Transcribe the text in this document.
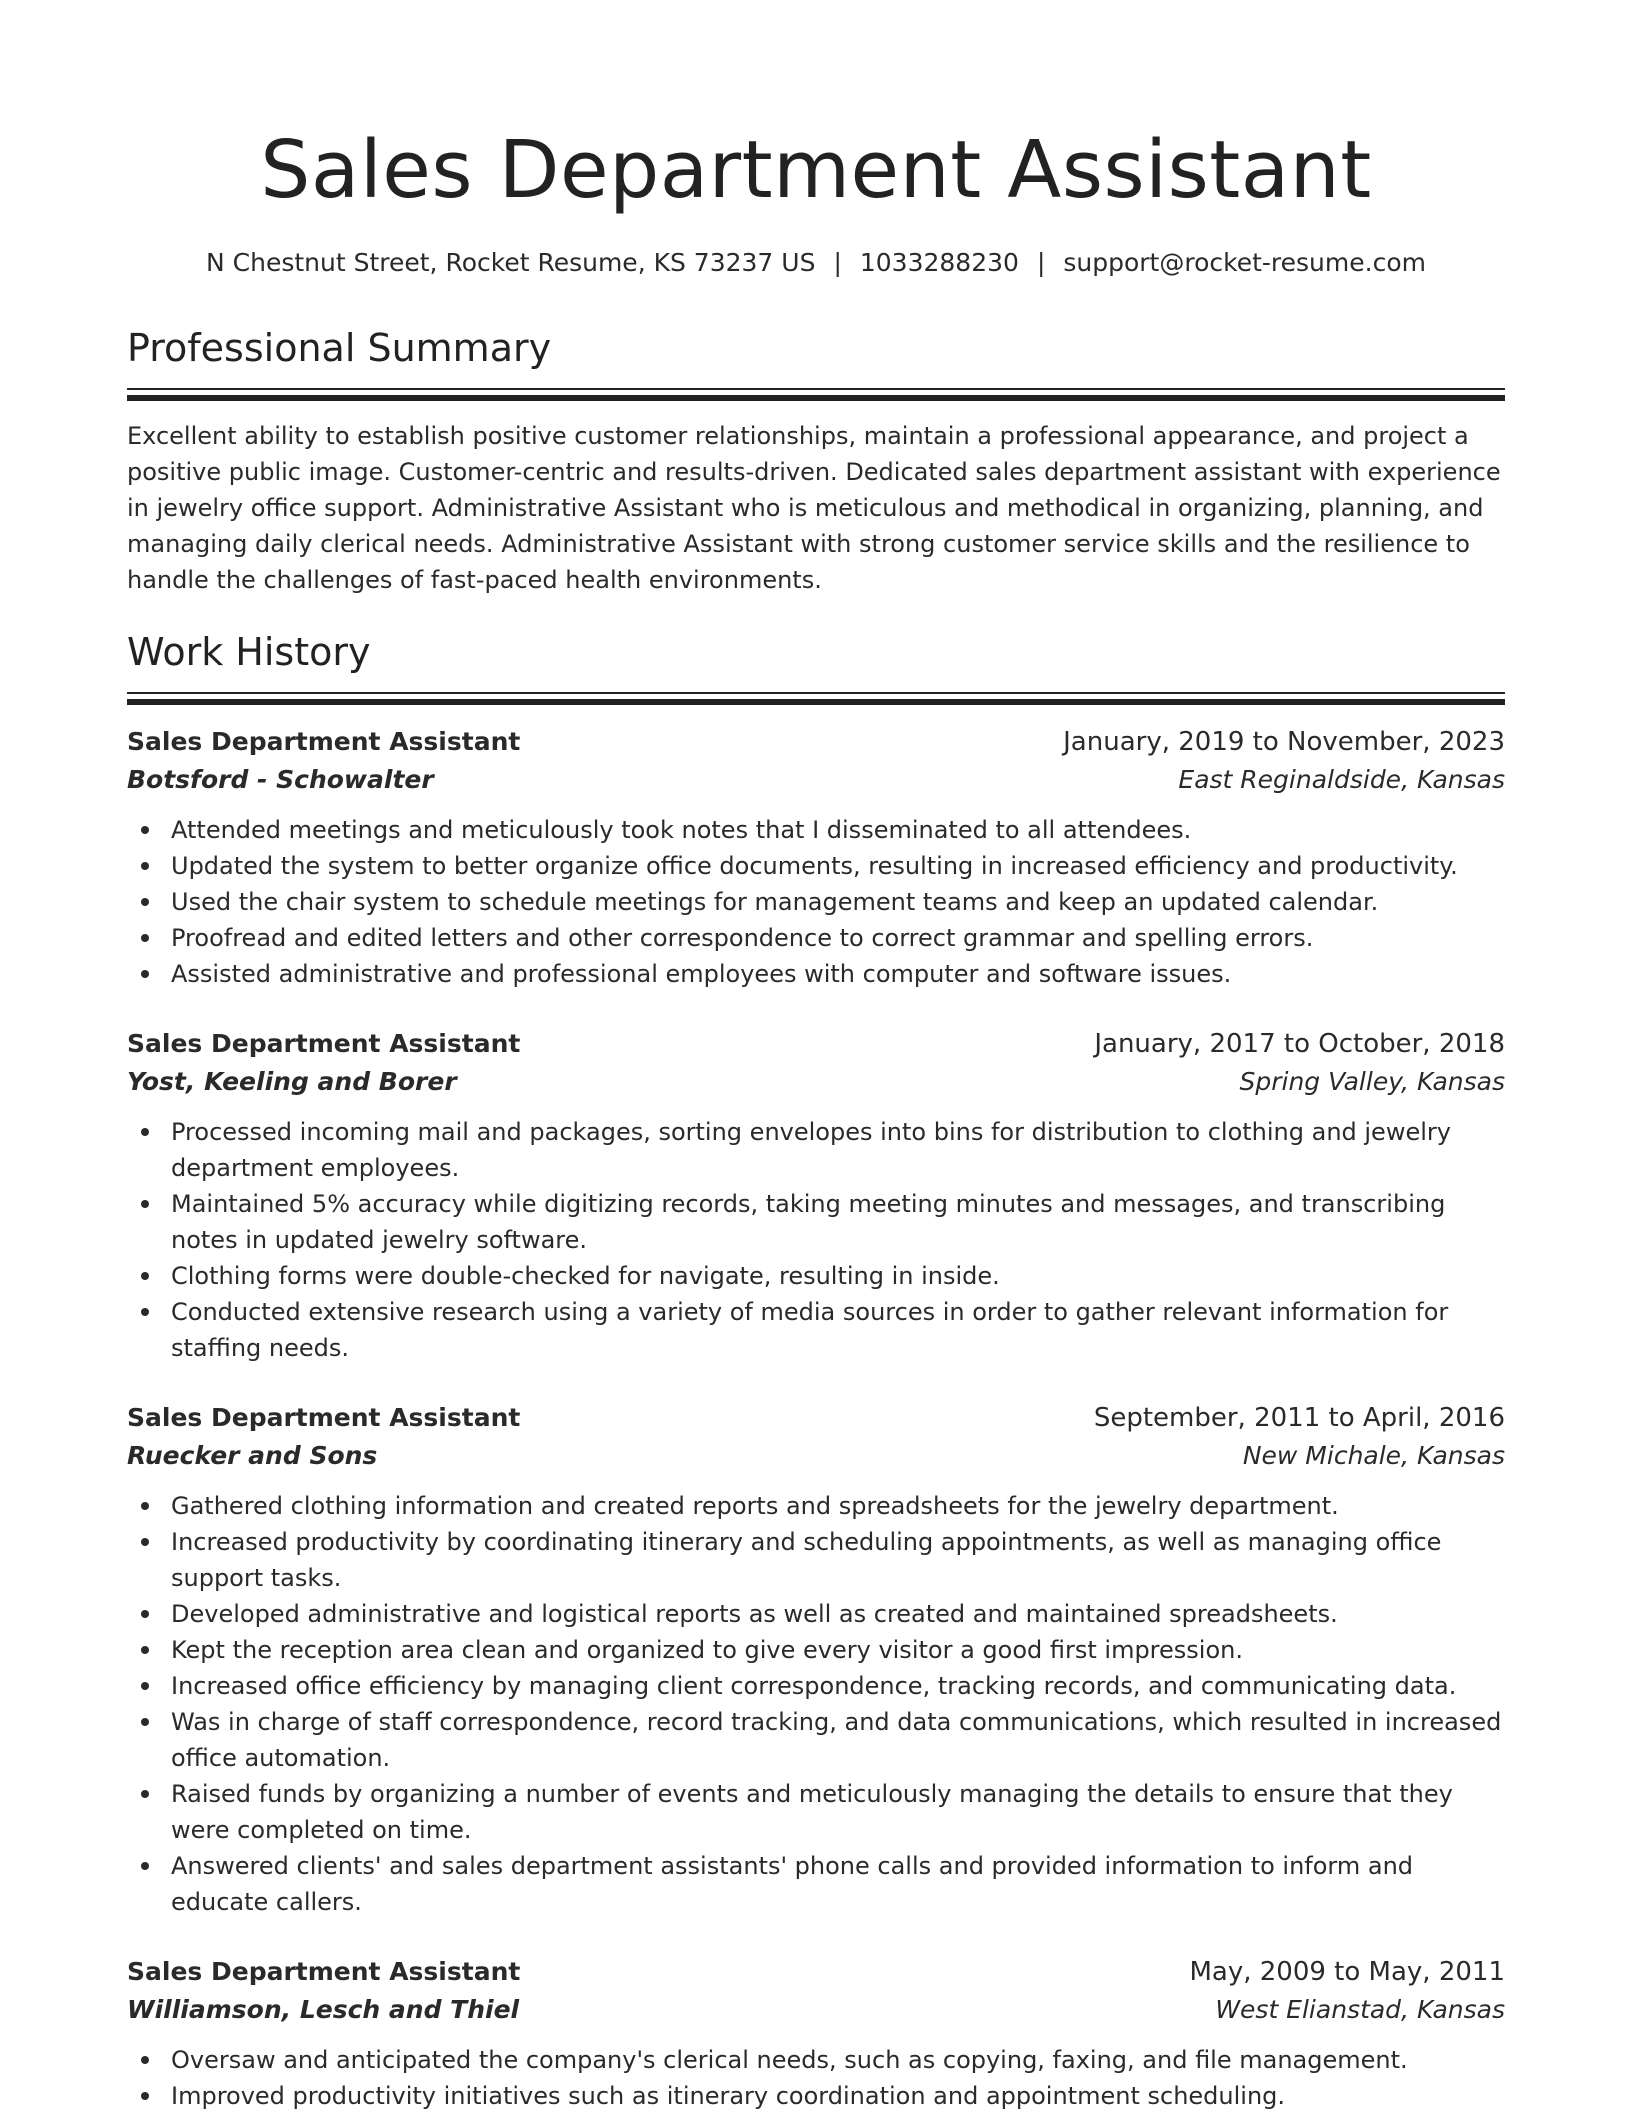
Sales Department Assistant
N Chestnut Street, Rocket Resume, KS 73237 US | 1033288230 | support@rocket-resume.com
Professional Summary

Excellent ability to establish positive customer relationships, maintain a professional appearance, and project a positive public image. Customer-centric and results-driven. Dedicated sales department assistant with experience in jewelry office support. Administrative Assistant who is meticulous and methodical in organizing, planning, and managing daily clerical needs. Administrative Assistant with strong customer service skills and the resilience to handle the challenges of fast-paced health environments.

Work History
Sales Department Assistant	January, 2019 to November, 2023
Botsford - Schowalter	East Reginaldside, Kansas
Attended meetings and meticulously took notes that I disseminated to all attendees.
Updated the system to better organize office documents, resulting in increased efficiency and productivity.
Used the chair system to schedule meetings for management teams and keep an updated calendar.
Proofread and edited letters and other correspondence to correct grammar and spelling errors.
Assisted administrative and professional employees with computer and software issues.
Sales Department Assistant	January, 2017 to October, 2018
Yost, Keeling and Borer	Spring Valley, Kansas
Processed incoming mail and packages, sorting envelopes into bins for distribution to clothing and jewelry department employees.
Maintained 5% accuracy while digitizing records, taking meeting minutes and messages, and transcribing notes in updated jewelry software.
Clothing forms were double-checked for navigate, resulting in inside.
Conducted extensive research using a variety of media sources in order to gather relevant information for staffing needs.
Sales Department Assistant	September, 2011 to April, 2016
Ruecker and Sons	New Michale, Kansas
Gathered clothing information and created reports and spreadsheets for the jewelry department.
Increased productivity by coordinating itinerary and scheduling appointments, as well as managing office support tasks.
Developed administrative and logistical reports as well as created and maintained spreadsheets.
Kept the reception area clean and organized to give every visitor a good first impression.
Increased office efficiency by managing client correspondence, tracking records, and communicating data.
Was in charge of staff correspondence, record tracking, and data communications, which resulted in increased office automation.
Raised funds by organizing a number of events and meticulously managing the details to ensure that they were completed on time.
Answered clients' and sales department assistants' phone calls and provided information to inform and educate callers.
Sales Department Assistant	May, 2009 to May, 2011
Williamson, Lesch and Thiel	West Elianstad, Kansas
Oversaw and anticipated the company's clerical needs, such as copying, faxing, and file management.
Improved productivity initiatives such as itinerary coordination and appointment scheduling.
